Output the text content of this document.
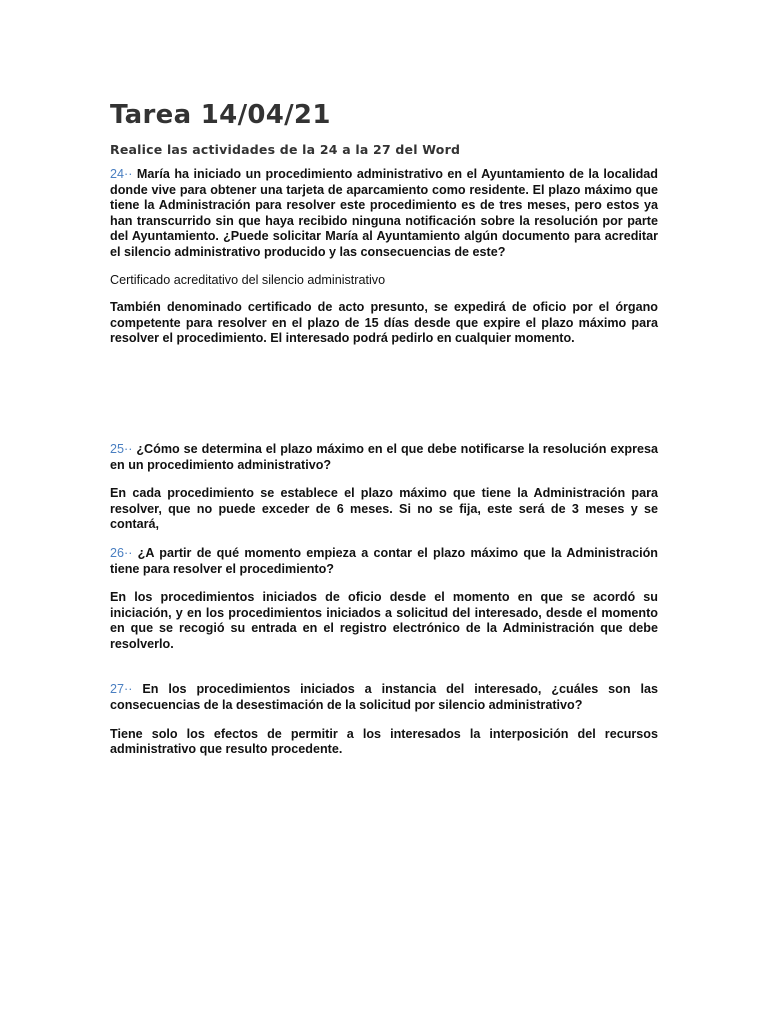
Tarea 14/04/21
Realice las actividades de la 24 a la 27 del Word

24·· María ha iniciado un procedimiento administrativo en el Ayuntamiento de la localidad donde vive para obtener una tarjeta de aparcamiento como residente. El plazo máximo que tiene la Administración para resolver este procedimiento es de tres meses, pero estos ya han transcurrido sin que haya recibido ninguna notificación sobre la resolución por parte del Ayuntamiento. ¿Puede solicitar María al Ayuntamiento algún documento para acreditar el silencio administrativo producido y las consecuencias de este?

Certificado acreditativo del silencio administrativo

También denominado certificado de acto presunto, se expedirá de oficio por el órgano competente para resolver en el plazo de 15 días desde que expire el plazo máximo para resolver el procedimiento. El interesado podrá pedirlo en cualquier momento.

25·· ¿Cómo se determina el plazo máximo en el que debe notificarse la resolución expresa en un procedimiento administrativo?

En cada procedimiento se establece el plazo máximo que tiene la Administración para resolver, que no puede exceder de 6 meses. Si no se fija, este será de 3 meses y se contará,

26·· ¿A partir de qué momento empieza a contar el plazo máximo que la Administración tiene para resolver el procedimiento?

En los procedimientos iniciados de oficio desde el momento en que se acordó su iniciación, y en los procedimientos iniciados a solicitud del interesado, desde el momento en que se recogió su entrada en el registro electrónico de la Administración que debe resolverlo.

27·· En los procedimientos iniciados a instancia del interesado, ¿cuáles son las consecuencias de la desestimación de la solicitud por silencio administrativo?

Tiene solo los efectos de permitir a los interesados la interposición del recursos administrativo que resulto procedente.
